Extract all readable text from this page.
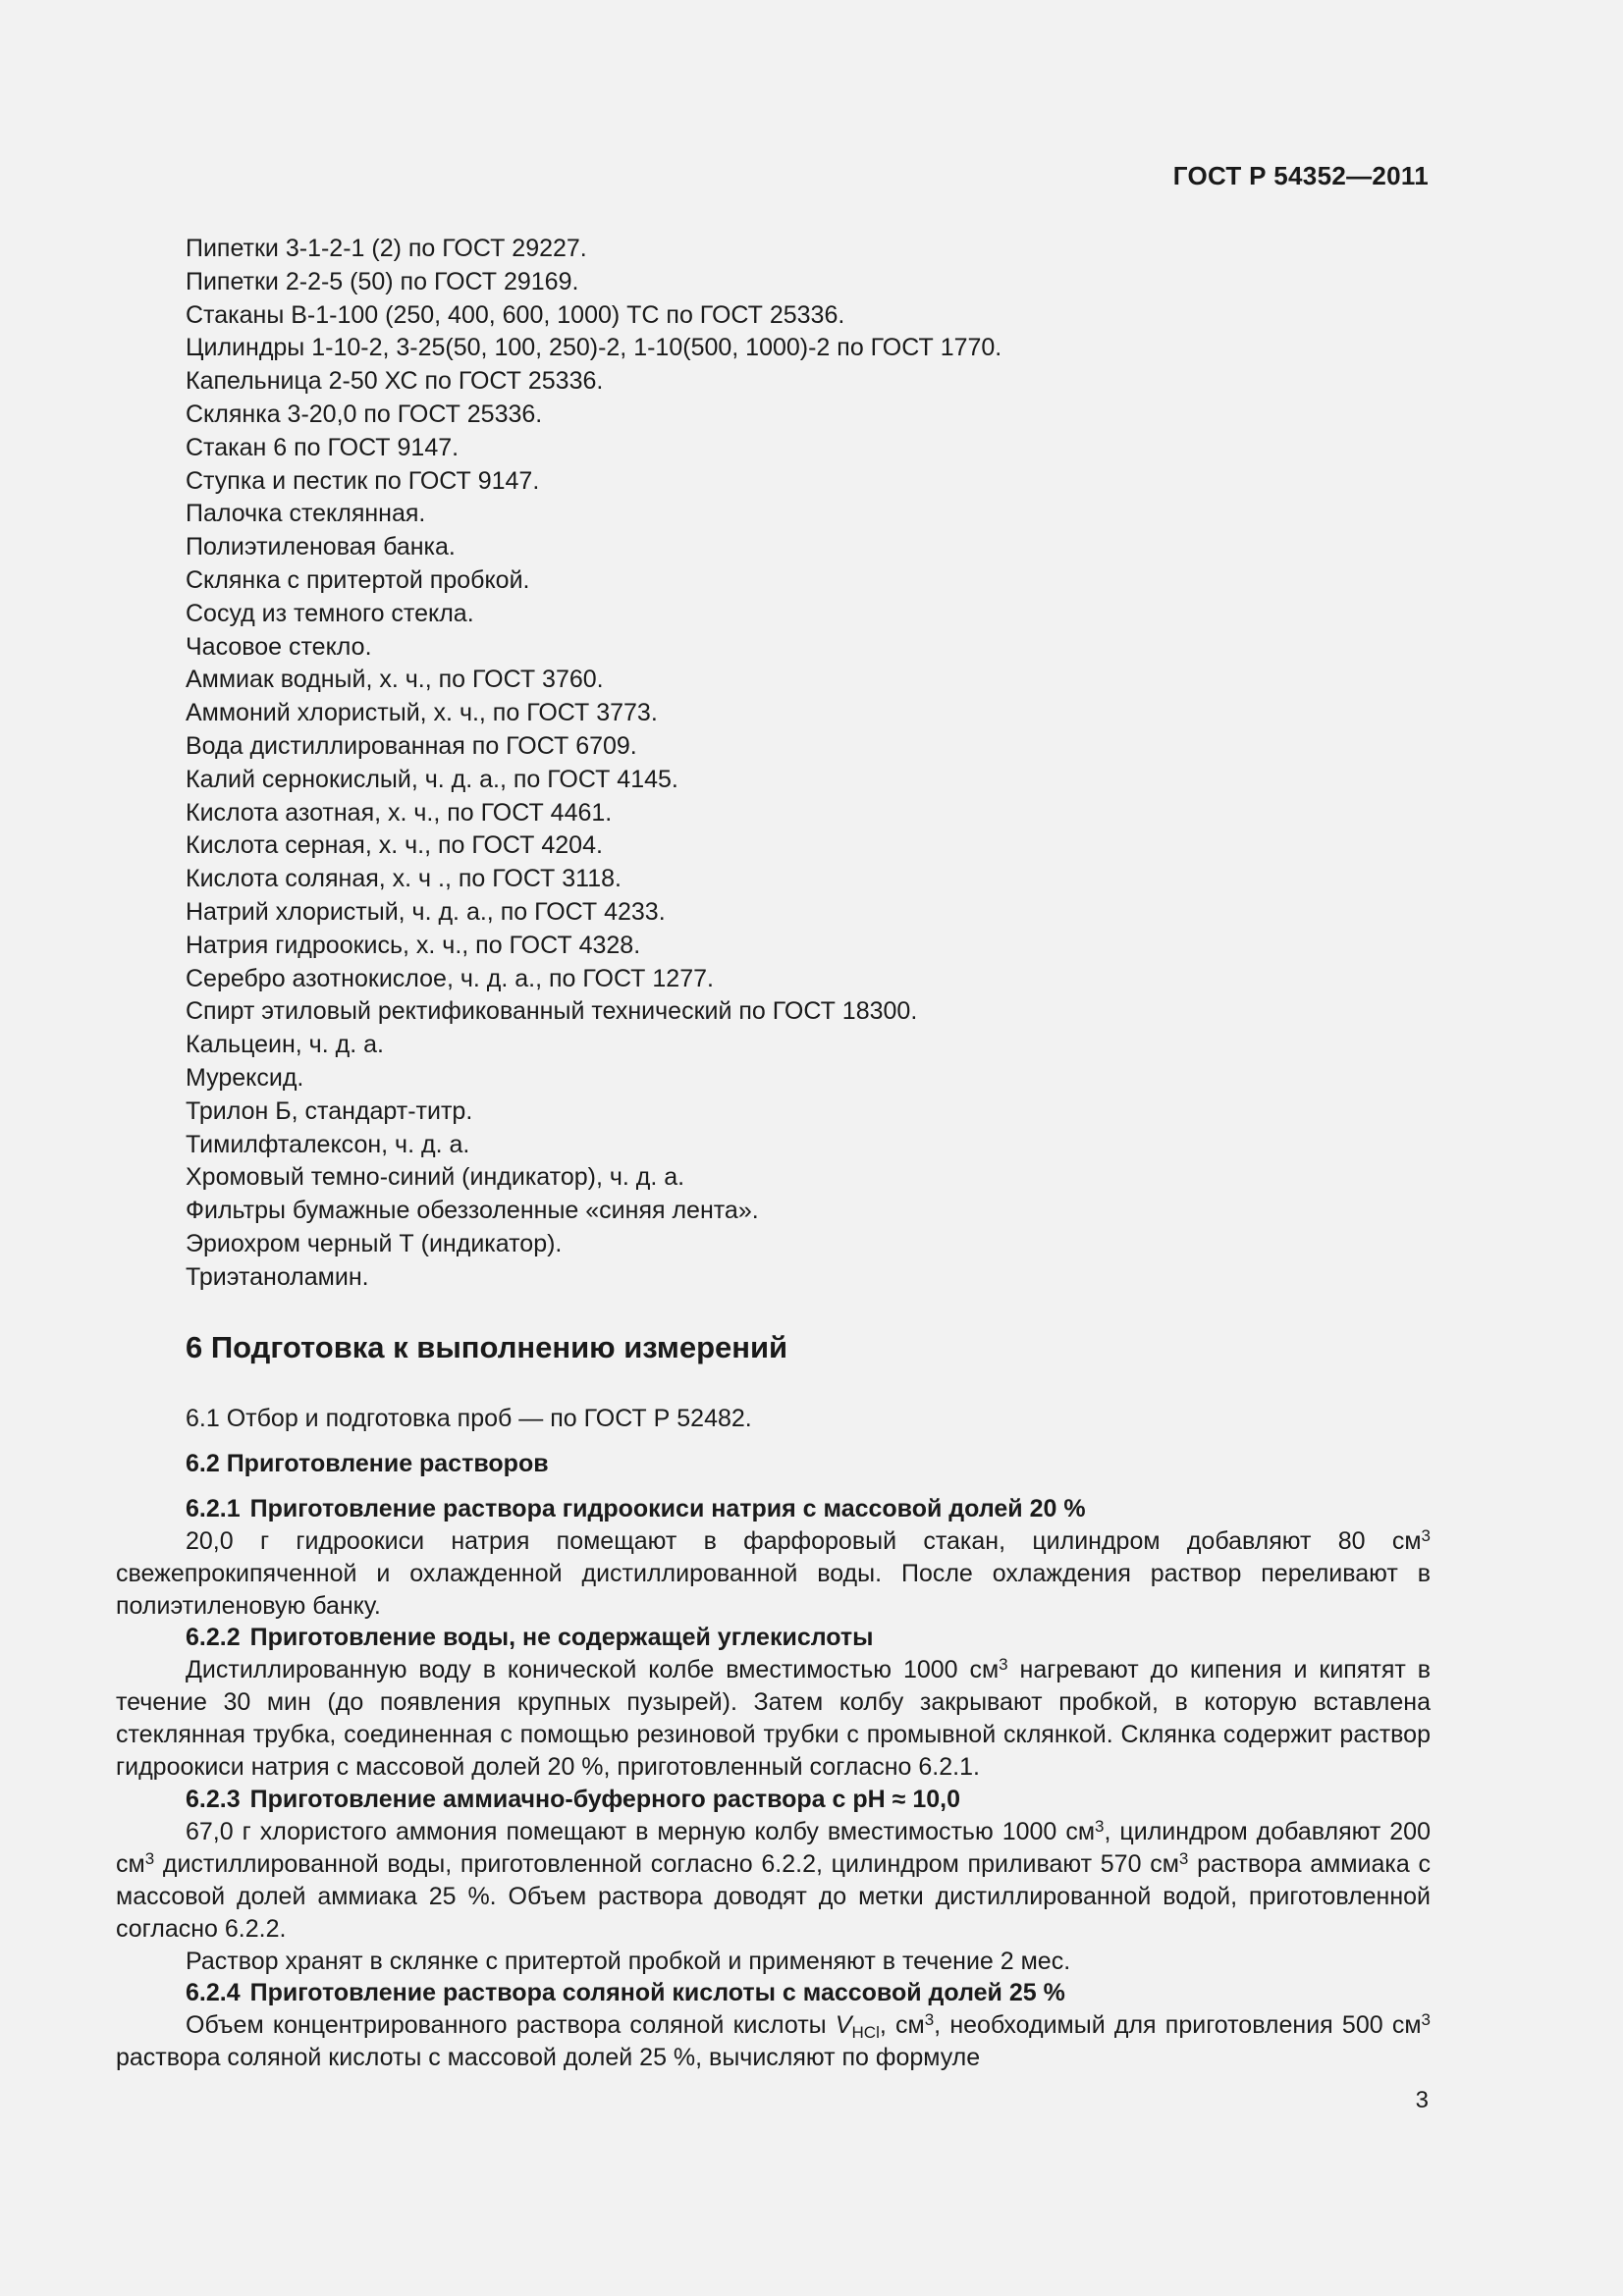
ГОСТ Р 54352—2011
Пипетки 3-1-2-1 (2) по ГОСТ 29227.
Пипетки 2-2-5 (50) по ГОСТ 29169.
Стаканы В-1-100 (250, 400, 600, 1000) ТС по ГОСТ 25336.
Цилиндры 1-10-2, 3-25(50, 100, 250)-2, 1-10(500, 1000)-2 по ГОСТ 1770.
Капельница 2-50 ХС по ГОСТ 25336.
Склянка 3-20,0 по ГОСТ 25336.
Стакан 6 по ГОСТ 9147.
Ступка и пестик по ГОСТ 9147.
Палочка стеклянная.
Полиэтиленовая банка.
Склянка с притертой пробкой.
Сосуд из темного стекла.
Часовое стекло.
Аммиак водный, х. ч., по ГОСТ 3760.
Аммоний хлористый, х. ч., по ГОСТ 3773.
Вода дистиллированная по ГОСТ 6709.
Калий сернокислый, ч. д. а., по ГОСТ 4145.
Кислота азотная, х. ч., по ГОСТ 4461.
Кислота серная, х. ч., по ГОСТ 4204.
Кислота соляная, х. ч ., по ГОСТ 3118.
Натрий хлористый, ч. д. а., по ГОСТ 4233.
Натрия гидроокись, х. ч., по ГОСТ 4328.
Серебро азотнокислое, ч. д. а., по ГОСТ 1277.
Спирт этиловый ректификованный технический по ГОСТ 18300.
Кальцеин, ч. д. а.
Мурексид.
Трилон Б, стандарт-титр.
Тимилфталексон, ч. д. а.
Хромовый темно-синий (индикатор), ч. д. а.
Фильтры бумажные обеззоленные «синяя лента».
Эриохром черный Т (индикатор).
Триэтаноламин.
6 Подготовка к выполнению измерений

6.1 Отбор и подготовка проб — по ГОСТ Р 52482.

6.2 Приготовление растворов

6.2.1 Приготовление раствора гидроокиси натрия с массовой долей 20 %

20,0 г гидроокиси натрия помещают в фарфоровый стакан, цилиндром добавляют 80 $см^3$ свежепрокипяченной и охлажденной дистиллированной воды. После охлаждения раствор переливают в полиэтиленовую банку.

6.2.2 Приготовление воды, не содержащей углекислоты

Дистиллированную воду в конической колбе вместимостью 1000 $см^3$ нагревают до кипения и кипятят в течение 30 мин (до появления крупных пузырей). Затем колбу закрывают пробкой, в которую вставлена стеклянная трубка, соединенная с помощью резиновой трубки с промывной склянкой. Склянка содержит раствор гидроокиси натрия с массовой долей 20 %, приготовленный согласно 6.2.1.

6.2.3 Приготовление аммиачно-буферного раствора с pH ≈ 10,0

67,0 г хлористого аммония помещают в мерную колбу вместимостью 1000 $см^3$, цилиндром добавляют 200 $см^3$ дистиллированной воды, приготовленной согласно 6.2.2, цилиндром приливают 570 $см^3$ раствора аммиака с массовой долей аммиака 25 %. Объем раствора доводят до метки дистиллированной водой, приготовленной согласно 6.2.2.

Раствор хранят в склянке с притертой пробкой и применяют в течение 2 мес.

6.2.4 Приготовление раствора соляной кислоты с массовой долей 25 %

Объем концентрированного раствора соляной кислоты $V_{HCl}$, $см^3$, необходимый для приготовления 500 $см^3$ раствора соляной кислоты с массовой долей 25 %, вычисляют по формуле

3
